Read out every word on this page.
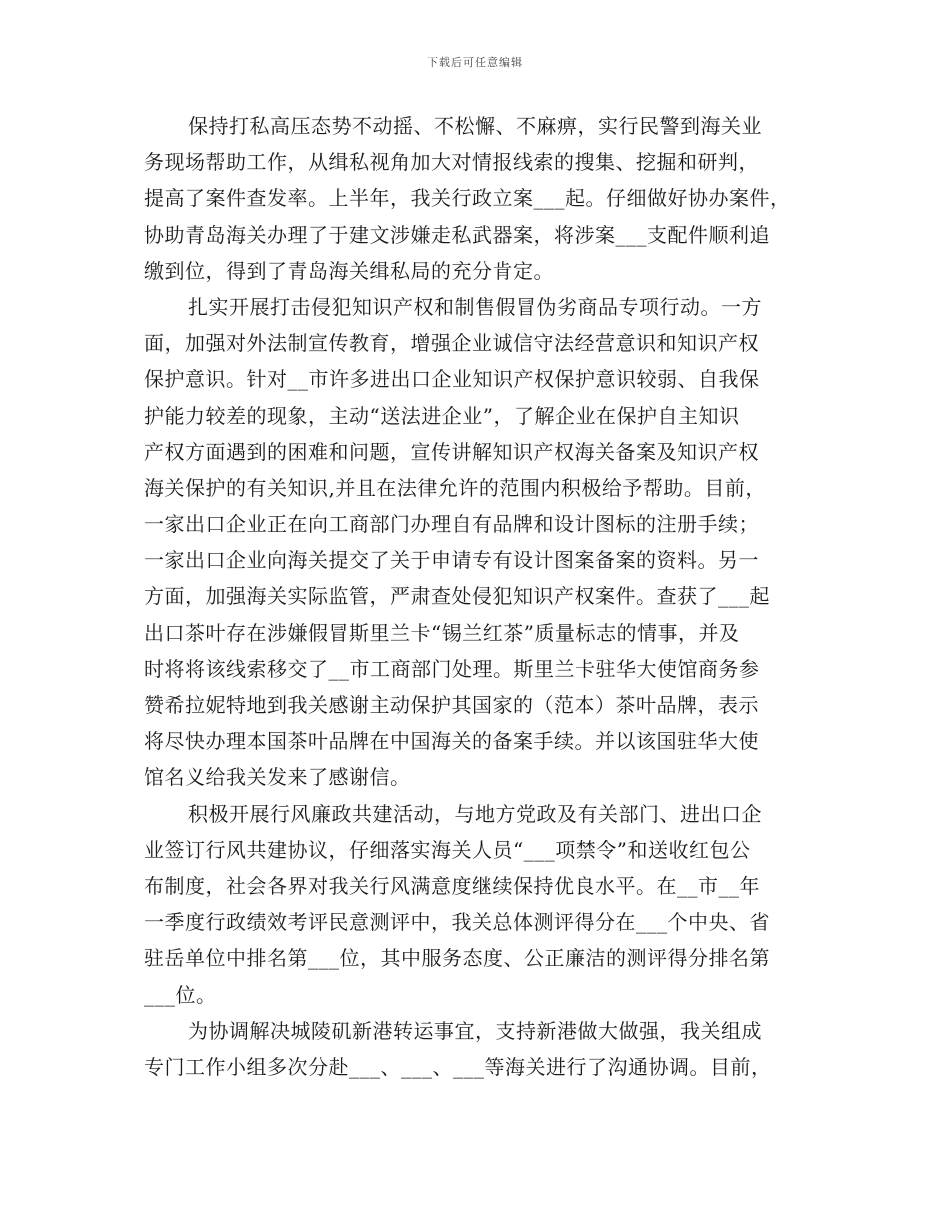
下载后可任意编辑
保持打私高压态势不动摇、不松懈、不麻痹，实行民警到海关业
务现场帮助工作，从缉私视角加大对情报线索的搜集、挖掘和研判，
提高了案件查发率。上半年，我关行政立案___起。仔细做好协办案件，
协助青岛海关办理了于建文涉嫌走私武器案，将涉案___支配件顺利追
缴到位，得到了青岛海关缉私局的充分肯定。
扎实开展打击侵犯知识产权和制售假冒伪劣商品专项行动。一方
面，加强对外法制宣传教育，增强企业诚信守法经营意识和知识产权
保护意识。针对__市许多进出口企业知识产权保护意识较弱、自我保
护能力较差的现象，主动“送法进企业”，了解企业在保护自主知识
产权方面遇到的困难和问题，宣传讲解知识产权海关备案及知识产权
海关保护的有关知识,并且在法律允许的范围内积极给予帮助。目前，
一家出口企业正在向工商部门办理自有品牌和设计图标的注册手续；
一家出口企业向海关提交了关于申请专有设计图案备案的资料。另一
方面，加强海关实际监管，严肃查处侵犯知识产权案件。查获了___起
出口茶叶存在涉嫌假冒斯里兰卡“锡兰红茶”质量标志的情事，并及
时将将该线索移交了__市工商部门处理。斯里兰卡驻华大使馆商务参
赞希拉妮特地到我关感谢主动保护其国家的（范本）茶叶品牌，表示
将尽快办理本国茶叶品牌在中国海关的备案手续。并以该国驻华大使
馆名义给我关发来了感谢信。
积极开展行风廉政共建活动，与地方党政及有关部门、进出口企
业签订行风共建协议，仔细落实海关人员“___项禁令”和送收红包公
布制度，社会各界对我关行风满意度继续保持优良水平。在__市__年
一季度行政绩效考评民意测评中，我关总体测评得分在___个中央、省
驻岳单位中排名第___位，其中服务态度、公正廉洁的测评得分排名第
___位。
为协调解决城陵矶新港转运事宜，支持新港做大做强，我关组成
专门工作小组多次分赴___、___、___等海关进行了沟通协调。目前，
